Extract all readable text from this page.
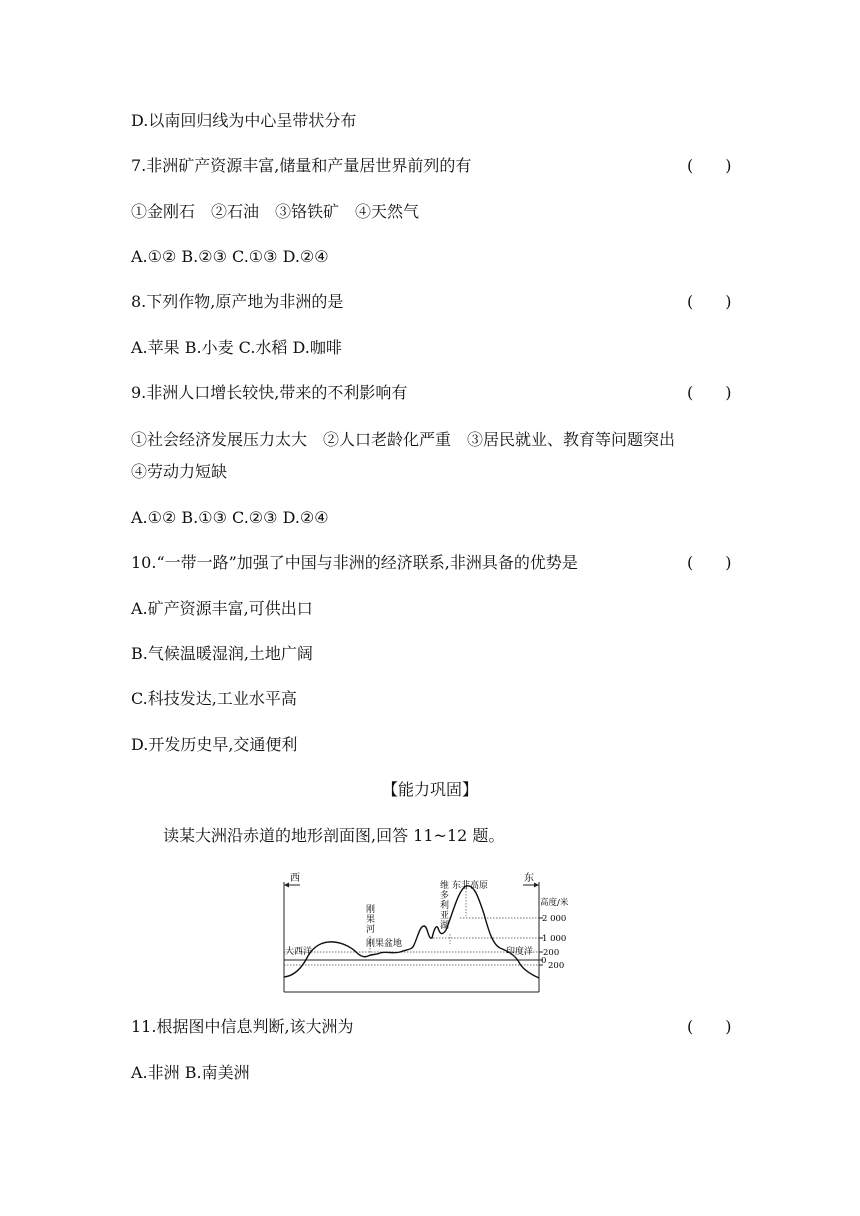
D.以南回归线为中心呈带状分布
7.非洲矿产资源丰富,储量和产量居世界前列的有	(　　)
①金刚石　②石油　③铬铁矿　④天然气
A.①② B.②③ C.①③ D.②④
8.下列作物,原产地为非洲的是	(　　)
A.苹果 B.小麦 C.水稻 D.咖啡
9.非洲人口增长较快,带来的不利影响有	(　　)
①社会经济发展压力太大　②人口老龄化严重　③居民就业、教育等问题突出
④劳动力短缺
A.①② B.①③ C.②③ D.②④
10.“一带一路”加强了中国与非洲的经济联系,非洲具备的优势是	(　　)
A.矿产资源丰富,可供出口
B.气候温暖湿润,土地广阔
C.科技发达,工业水平高
D.开发历史早,交通便利
【能力巩固】
读某大洲沿赤道的地形剖面图,回答 11~12 题。
西	东
高度/米
2 000
1 000
200
0 200
刚
果
河
维
多
利
亚
湖
东非高原
刚果盆地
大西洋	印度洋
11.根据图中信息判断,该大洲为	(　　)
A.非洲 B.南美洲
